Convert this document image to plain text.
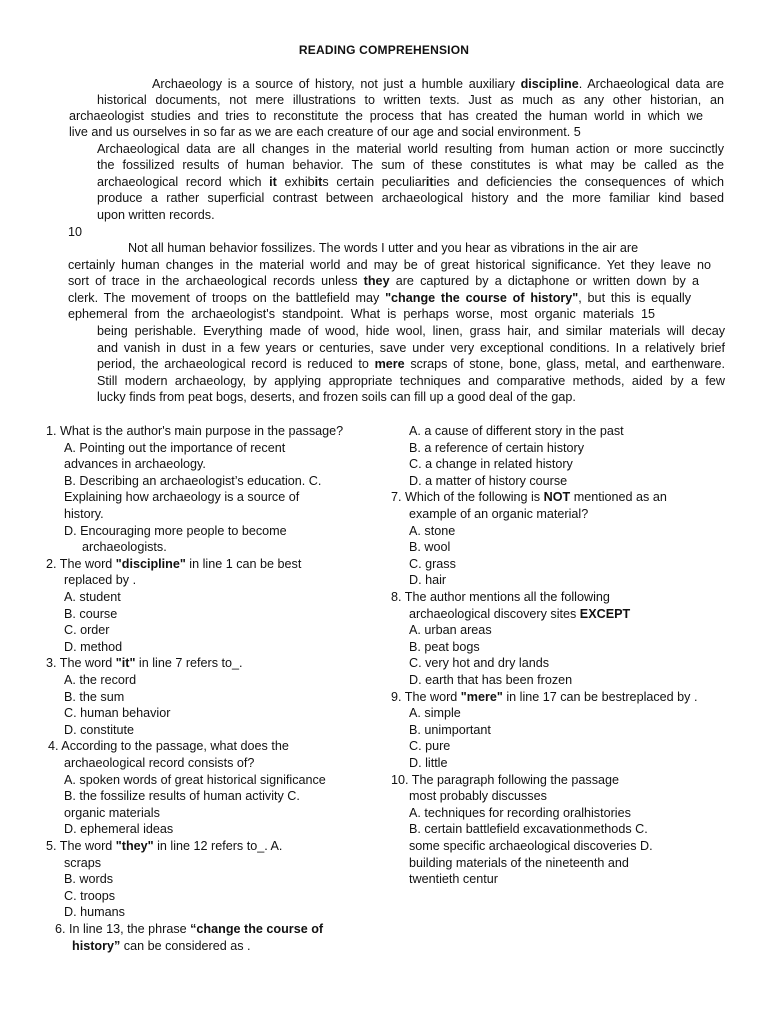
READING COMPREHENSION
Archaeology is a source of history, not just a humble auxiliary discipline. Archaeological data are
historical documents, not mere illustrations to written texts. Just as much as any other historian, an
archaeologist studies and tries to reconstitute the process that has created the human world in which we
live and us ourselves in so far as we are each creature of our age and social environment. 5
Archaeological data are all changes in the material world resulting from human action or more succinctly
the fossilized results of human behavior. The sum of these constitutes is what may be called as the
archaeological record which it exhibits certain peculiarities and deficiencies the consequences of which
produce a rather superficial contrast between archaeological history and the more familiar kind based
upon written records.
10
Not all human behavior fossilizes. The words I utter and you hear as vibrations in the air are
certainly human changes in the material world and may be of great historical significance. Yet they leave no
sort of trace in the archaeological records unless they are captured by a dictaphone or written down by a
clerk. The movement of troops on the battlefield may "change the course of history", but this is equally
ephemeral from the archaeologist's standpoint. What is perhaps worse, most organic materials 15
being perishable. Everything made of wood, hide wool, linen, grass hair, and similar materials will decay
and vanish in dust in a few years or centuries, save under very exceptional conditions. In a relatively brief
period, the archaeological record is reduced to mere scraps of stone, bone, glass, metal, and earthenware.
Still modern archaeology, by applying appropriate techniques and comparative methods, aided by a few
lucky finds from peat bogs, deserts, and frozen soils can fill up a good deal of the gap.
1. What is the author's main purpose in the passage?
A. Pointing out the importance of recent
advances in archaeology.
B. Describing an archaeologist’s education. C.
Explaining how archaeology is a source of
history.
D. Encouraging more people to become
archaeologists.
2. The word "discipline" in line 1 can be best
replaced by .
A. student
B. course
C. order
D. method
3. The word "it" in line 7 refers to_.
A. the record
B. the sum
C. human behavior
D. constitute
4. According to the passage, what does the
archaeological record consists of?
A. spoken words of great historical significance
B. the fossilize results of human activity C.
organic materials
D. ephemeral ideas
5. The word "they" in line 12 refers to_. A.
scraps
B. words
C. troops
D. humans
6. In line 13, the phrase “change the course of
history” can be considered as .
A. a cause of different story in the past
B. a reference of certain history
C. a change in related history
D. a matter of history course
7. Which of the following is NOT mentioned as an
example of an organic material?
A. stone
B. wool
C. grass
D. hair
8. The author mentions all the following
archaeological discovery sites EXCEPT
A. urban areas
B. peat bogs
C. very hot and dry lands
D. earth that has been frozen
9. The word "mere" in line 17 can be bestreplaced by .
A. simple
B. unimportant
C. pure
D. little
10. The paragraph following the passage
most probably discusses
A. techniques for recording oralhistories
B. certain battlefield excavationmethods C.
some specific archaeological discoveries D.
building materials of the nineteenth and
twentieth centur
